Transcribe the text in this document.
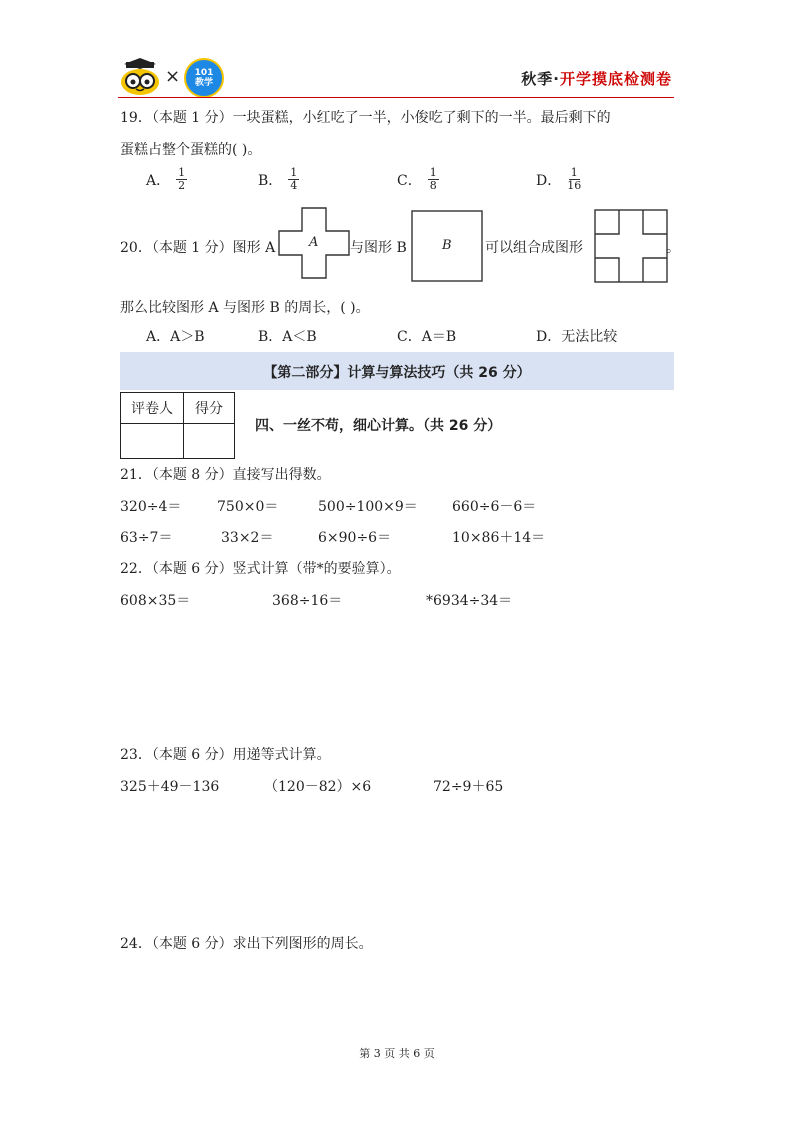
× 101
教学	秋季·开学摸底检测卷
19．（本题 1 分）一块蛋糕，小红吃了一半，小俊吃了剩下的一半。最后剩下的
蛋糕占整个蛋糕的( )。
A． $\frac{1}{2}$	B． $\frac{1}{4}$	C． $\frac{1}{8}$	D． $\frac{1}{16}$
20．（本题 1 分）图形 A	A 与图形 B	B 可以组合成图形	。
那么比较图形 A 与图形 B 的周长，( )。
A．A＞B	B．A＜B	C．A＝B	D．无法比较
【第二部分】计算与算法技巧（共 26 分）
评卷人	得分

四、一丝不苟，细心计算。（共 26 分）
21．（本题 8 分）直接写出得数。
320÷4＝	750×0＝	500÷100×9＝ 660÷6－6＝
63÷7＝	33×2＝	6×90÷6＝	10×86＋14＝
22．（本题 6 分）竖式计算（带*的要验算）。
608×35＝	368÷16＝	*6934÷34＝
23．（本题 6 分）用递等式计算。
325＋49－136	（120－82）×6	72÷9＋65
24．（本题 6 分）求出下列图形的周长。
第 3 页 共 6 页
